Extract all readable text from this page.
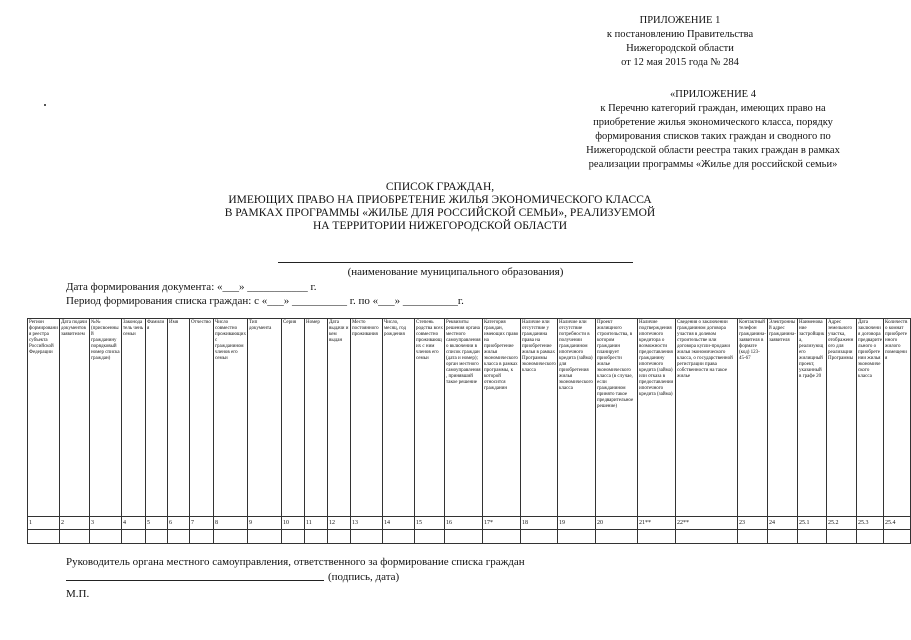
ПРИЛОЖЕНИЕ 1
к постановлению Правительства
Нижегородской области
от 12 мая 2015 года № 284
«ПРИЛОЖЕНИЕ 4
к Перечню категорий граждан, имеющих право на
приобретение жилья экономического класса, порядку
формирования списков таких граждан и сводного по
Нижегородской области реестра таких граждан в рамках
реализации программы «Жилье для российской семьи»
СПИСОК ГРАЖДАН,
ИМЕЮЩИХ ПРАВО НА ПРИОБРЕТЕНИЕ ЖИЛЬЯ ЭКОНОМИЧЕСКОГО КЛАССА
В РАМКАХ ПРОГРАММЫ «ЖИЛЬЕ ДЛЯ РОССИЙСКОЙ СЕМЬИ», РЕАЛИЗУЕМОЙ
НА ТЕРРИТОРИИ НИЖЕГОРОДСКОЙ ОБЛАСТИ
(наименование муниципального образования)
Дата формирования документа: «___» ___________ г.
Период формирования списка граждан: с «___» __________ г. по «___» __________г.
Регион формирования реестра субъекта Российской Федерации	Дата подачи документов заявителем	№№ (присвоенный гражданину порядковый номер списка граждан)	Законодатель чень семьи	Фамилия	Имя	Отчество	Число совместно проживающих с гражданином членов его семьи	Тип документа	Серия	Номер	Дата выдачи и кем выдан	Место постоянного проживания	Число, месяц, год рождения	Степень родства всех совместно проживающих с ним членов его семьи	Реквизиты решения органа местного самоуправления о включении в список граждан (дата и номер); орган местного самоуправления, принявший такое решение	Категория граждан, имеющих право на приобретение жилья экономического класса в рамках программы, к которой относится гражданин	Наличие или отсутствие у гражданина права на приобретение жилья в рамках Программы экономического класса	Наличие или отсутствие потребности в получении гражданином ипотечного кредита (займа) для приобретения жилья экономического класса	Проект жилищного строительства, в котором гражданин планирует приобрести жилье экономического класса (в случае, если гражданином принято такое предварительное решение)	Наличие подтверждения ипотечного кредитора о возможности предоставления гражданину ипотечного кредита (займа) или отказа в предоставлении ипотечного кредита (займа)	Сведения о заключении гражданином договора участия в долевом строительстве или договора купли-продажи жилья экономического класса, о государственной регистрации права собственности на такое жилье	Контактный телефон гражданина-заявителя в формате (код) 123-45-67	Электронный адрес гражданина-заявителя	Наименование застройщика, реализующего жилищный проект, указанный в графе 20	Адрес земельного участка, отображенного для реализации Программы	Дата заключения договора предварительного о приобретении жилья экономического класса	Количество комнат приобретенного жилого помещения
1	2	3	4	5	6	7	8	9	10	11	12	13	14	15	16	17*	18	19	20	21**	22**	23	24	25.1	25.2	25.3	25.4

Руководитель органа местного самоуправления, ответственного за формирование списка граждан
(подпись, дата)
М.П.
